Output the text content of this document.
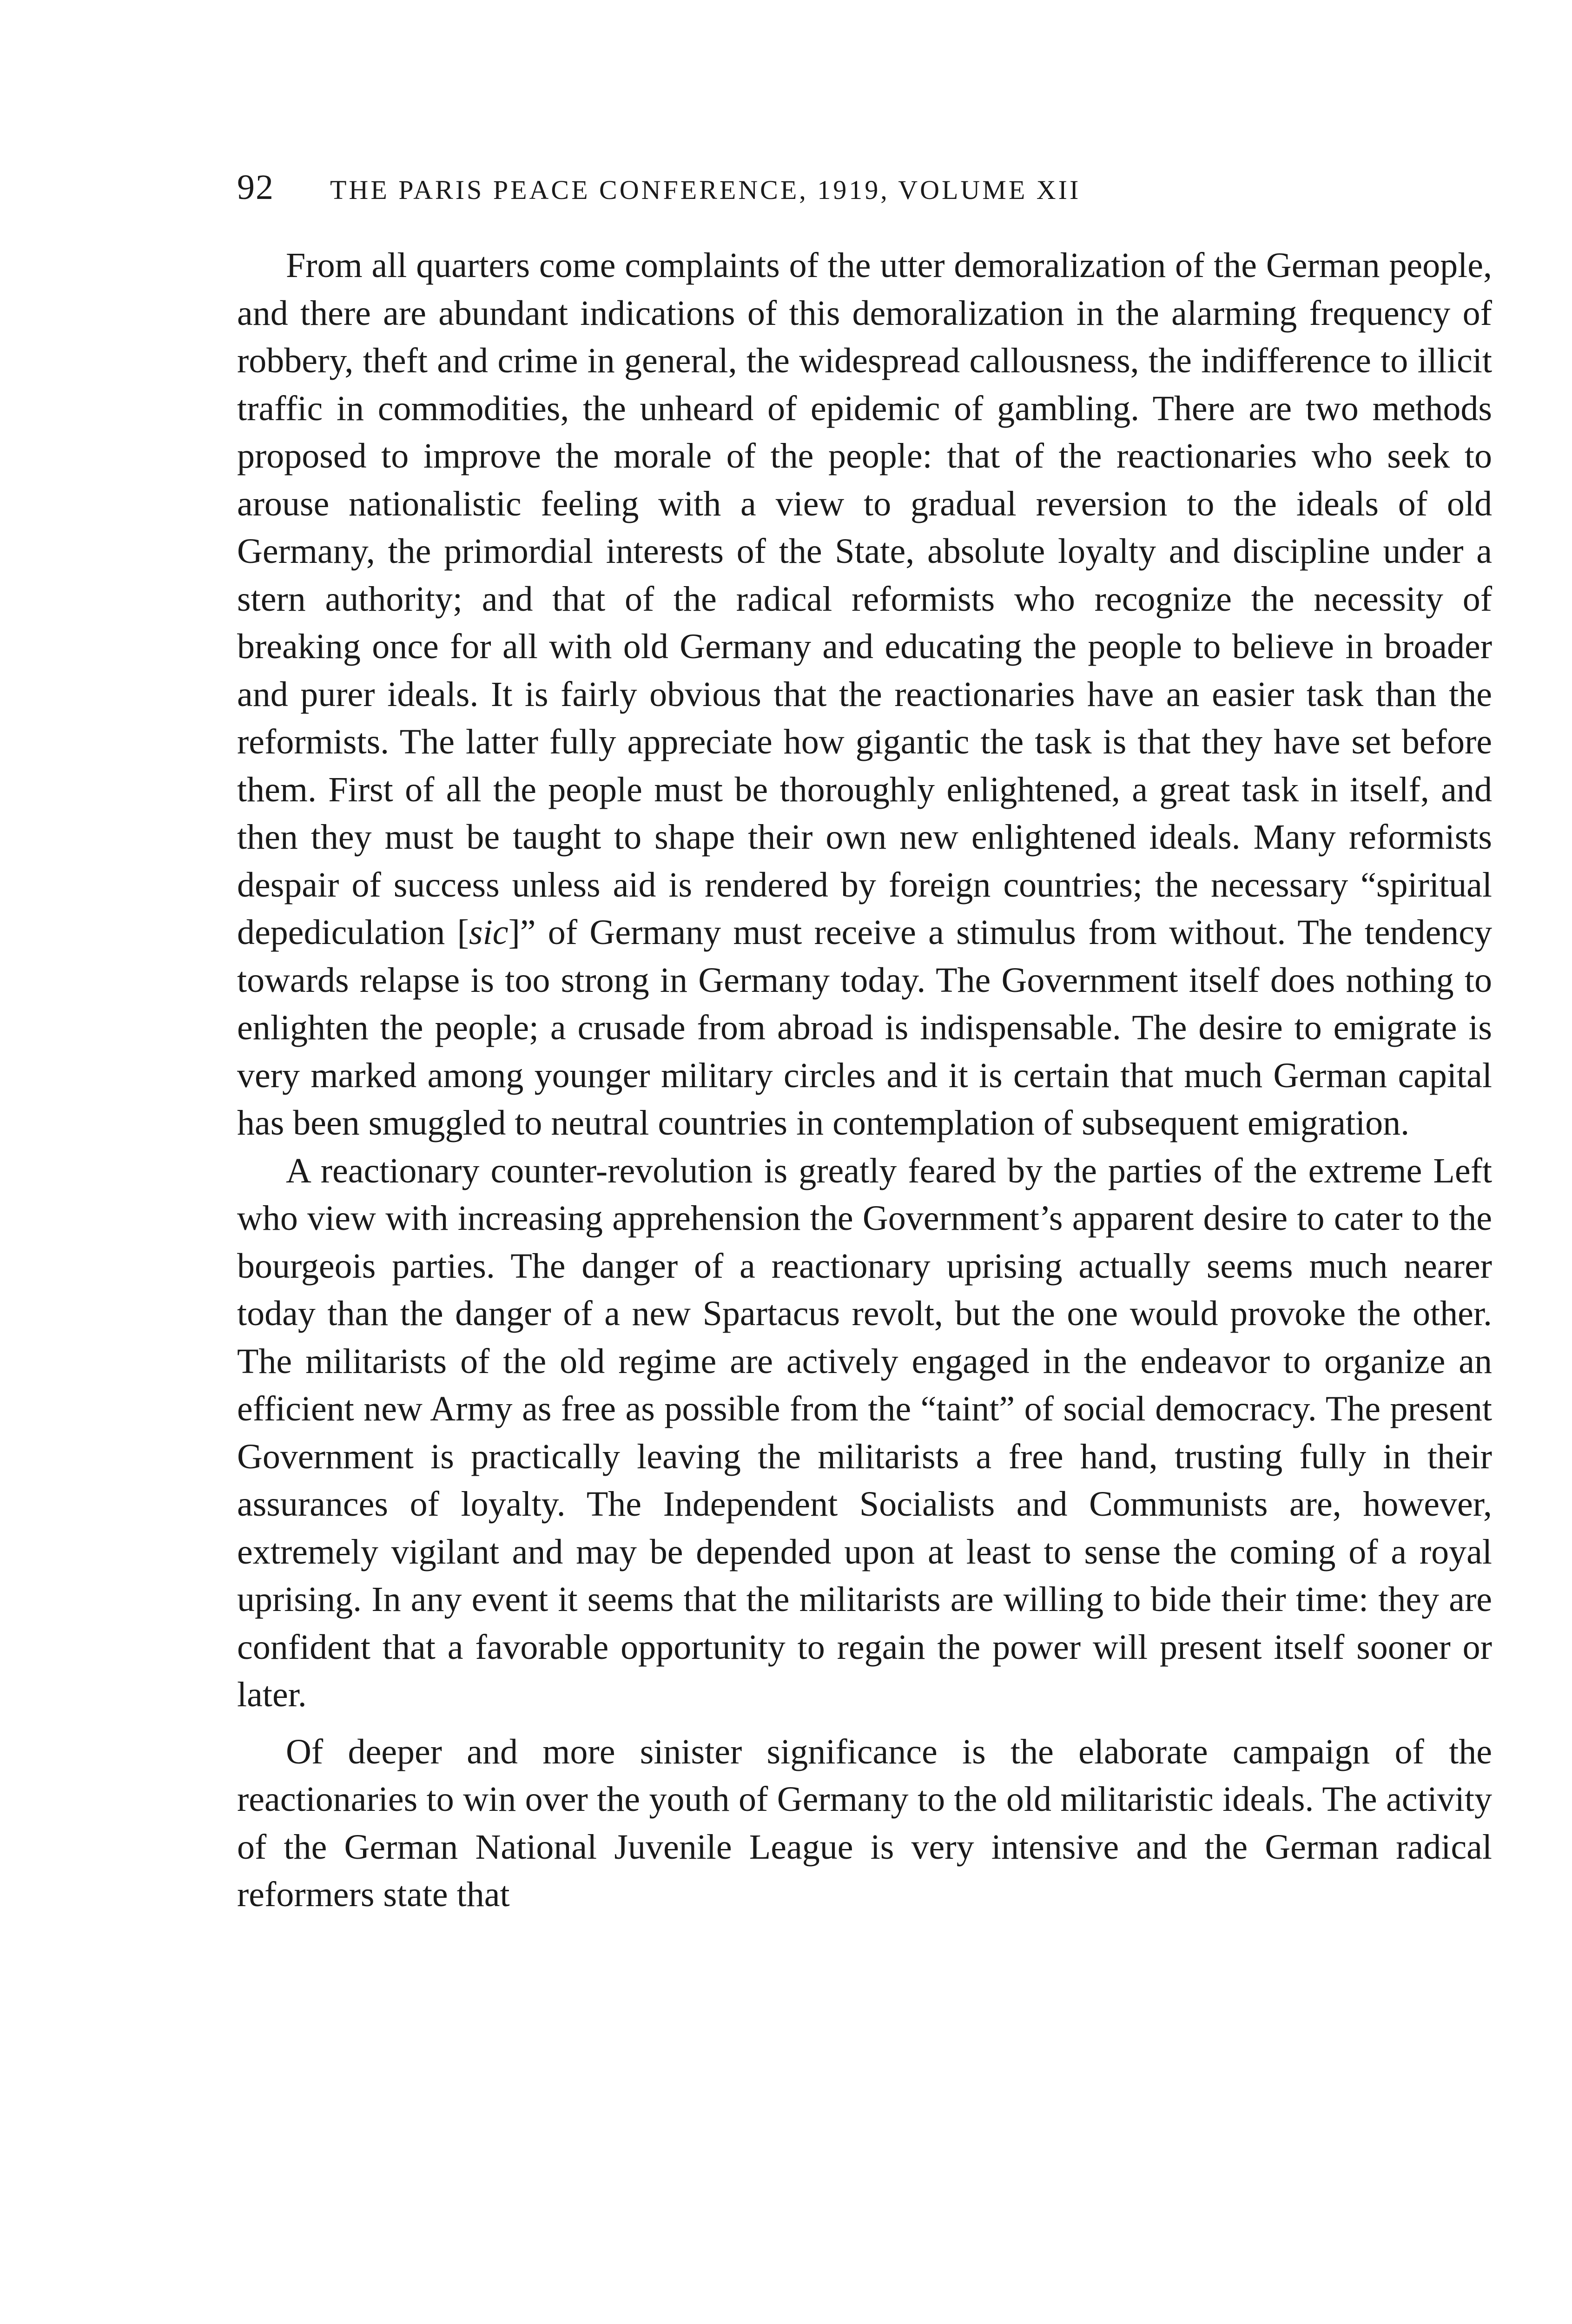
92	THE PARIS PEACE CONFERENCE, 1919, VOLUME XII

From all quarters come complaints of the utter demoralization of the German people, and there are abundant indications of this demoralization in the alarming frequency of robbery, theft and crime in general, the widespread callousness, the indifference to illicit traffic in commodities, the unheard of epidemic of gambling. There are two methods proposed to improve the morale of the people: that of the reactionaries who seek to arouse nationalistic feeling with a view to gradual reversion to the ideals of old Germany, the primordial interests of the State, absolute loyalty and discipline under a stern authority; and that of the radical reformists who recognize the necessity of breaking once for all with old Germany and educating the people to believe in broader and purer ideals. It is fairly obvious that the reactionaries have an easier task than the reformists. The latter fully appreciate how gigantic the task is that they have set before them. First of all the people must be thoroughly enlightened, a great task in itself, and then they must be taught to shape their own new enlightened ideals. Many reformists despair of success unless aid is rendered by foreign countries; the necessary “spiritual depediculation [sic]” of Germany must receive a stimulus from without. The tendency towards relapse is too strong in Germany today. The Government itself does nothing to enlighten the people; a crusade from abroad is indispensable. The desire to emigrate is very marked among younger military circles and it is certain that much German capital has been smuggled to neutral countries in contemplation of subsequent emigration.

A reactionary counter-revolution is greatly feared by the parties of the extreme Left who view with increasing apprehension the Government’s apparent desire to cater to the bourgeois parties. The danger of a reactionary uprising actually seems much nearer today than the danger of a new Spartacus revolt, but the one would provoke the other. The militarists of the old regime are actively engaged in the endeavor to organize an efficient new Army as free as possible from the “taint” of social democracy. The present Government is practically leaving the militarists a free hand, trusting fully in their assurances of loyalty. The Independent Socialists and Communists are, however, extremely vigilant and may be depended upon at least to sense the coming of a royal uprising. In any event it seems that the militarists are willing to bide their time: they are confident that a favorable opportunity to regain the power will present itself sooner or later.

Of deeper and more sinister significance is the elaborate campaign of the reactionaries to win over the youth of Germany to the old militaristic ideals. The activity of the German National Juvenile League is very intensive and the German radical reformers state that
